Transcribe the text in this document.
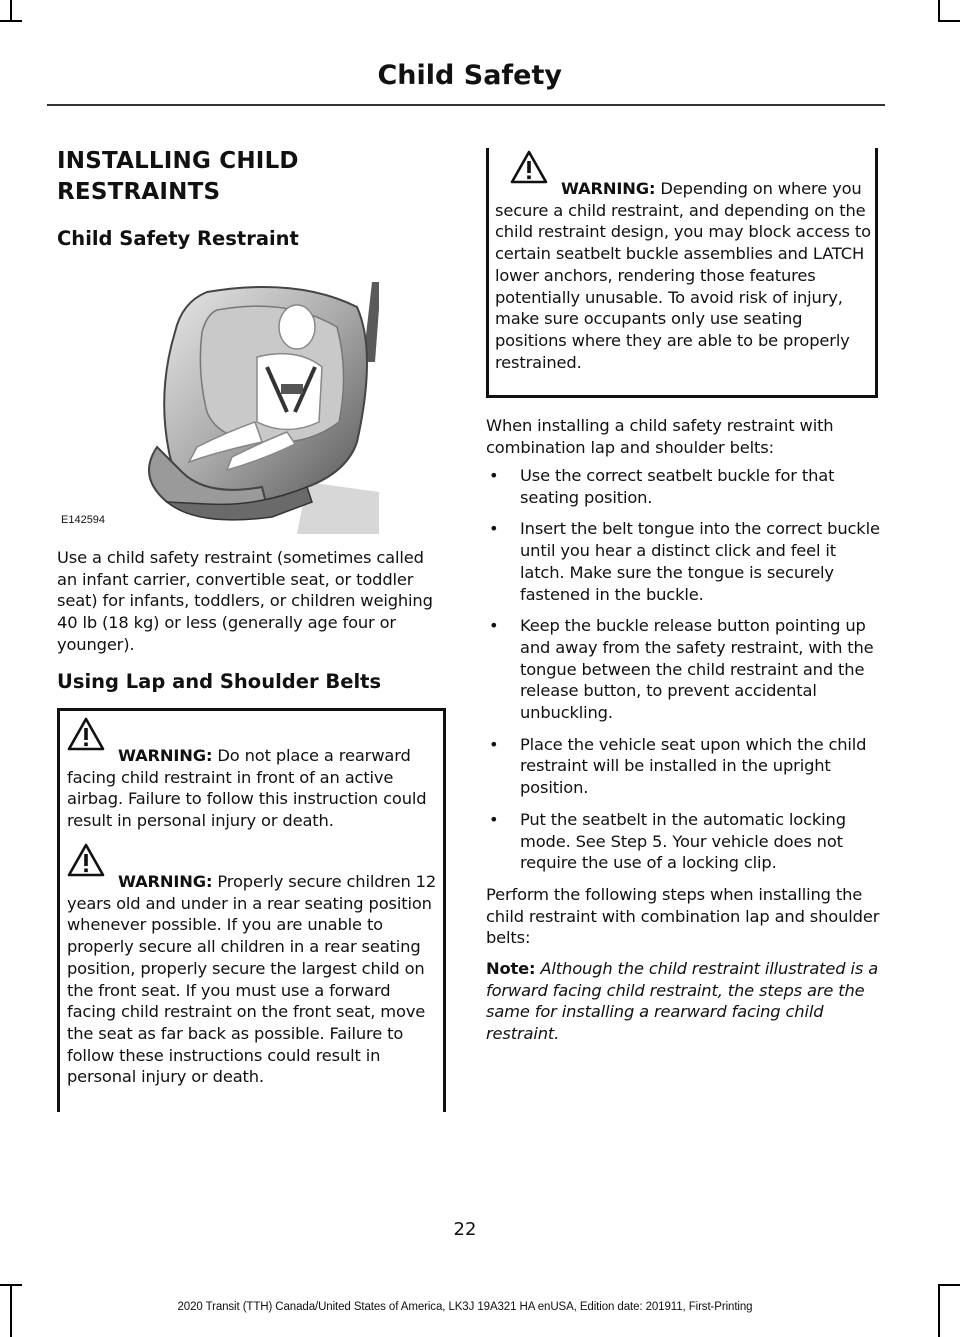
Child Safety
INSTALLING CHILD RESTRAINTS
Child Safety Restraint
E142594

Use a child safety restraint (sometimes called an infant carrier, convertible seat, or toddler seat) for infants, toddlers, or children weighing 40 lb (18 kg) or less (generally age four or younger).

Using Lap and Shoulder Belts
WARNING: Do not place a rearward facing child restraint in front of an active airbag. Failure to follow this instruction could result in personal injury or death.
WARNING: Properly secure children 12 years old and under in a rear seating position whenever possible. If you are unable to properly secure all children in a rear seating position, properly secure the largest child on the front seat. If you must use a forward facing child restraint on the front seat, move the seat as far back as possible. Failure to follow these instructions could result in personal injury or death.
WARNING: Depending on where you secure a child restraint, and depending on the child restraint design, you may block access to certain seatbelt buckle assemblies and LATCH lower anchors, rendering those features potentially unusable. To avoid risk of injury, make sure occupants only use seating positions where they are able to be properly restrained.

When installing a child safety restraint with combination lap and shoulder belts:

• Use the correct seatbelt buckle for that seating position.
• Insert the belt tongue into the correct buckle until you hear a distinct click and feel it latch. Make sure the tongue is securely fastened in the buckle.
• Keep the buckle release button pointing up and away from the safety restraint, with the tongue between the child restraint and the release button, to prevent accidental unbuckling.
• Place the vehicle seat upon which the child restraint will be installed in the upright position.
• Put the seatbelt in the automatic locking mode. See Step 5. Your vehicle does not require the use of a locking clip.

Perform the following steps when installing the child restraint with combination lap and shoulder belts:

Note: Although the child restraint illustrated is a forward facing child restraint, the steps are the same for installing a rearward facing child restraint.

22
2020 Transit (TTH) Canada/United States of America, LK3J 19A321 HA enUSA, Edition date: 201911, First-Printing
